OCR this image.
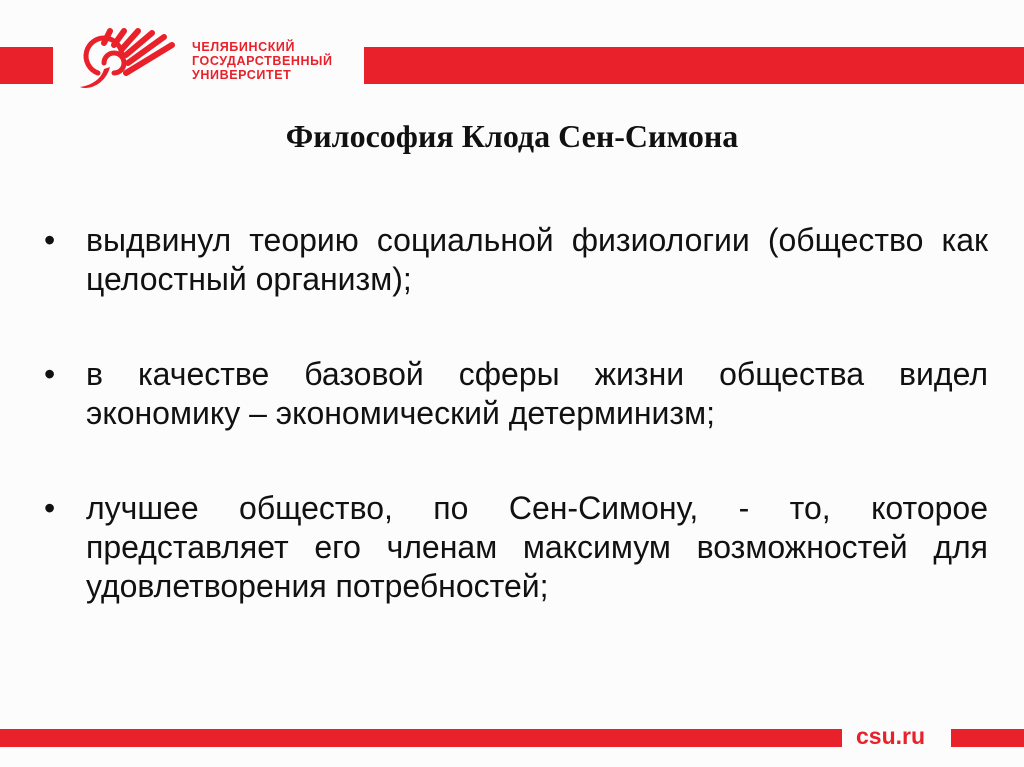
ЧЕЛЯБИНСКИЙ
ГОСУДАРСТВЕННЫЙ
УНИВЕРСИТЕТ

Философия Клода Сен-Симона
• выдвинул теорию социальной физиологии (общество как целостный организм);
• в качестве базовой сферы жизни общества видел экономику – экономический детерминизм;
• лучшее общество, по Сен-Симону, - то, которое представляет его членам максимум возможностей для удовлетворения потребностей;
csu.ru
